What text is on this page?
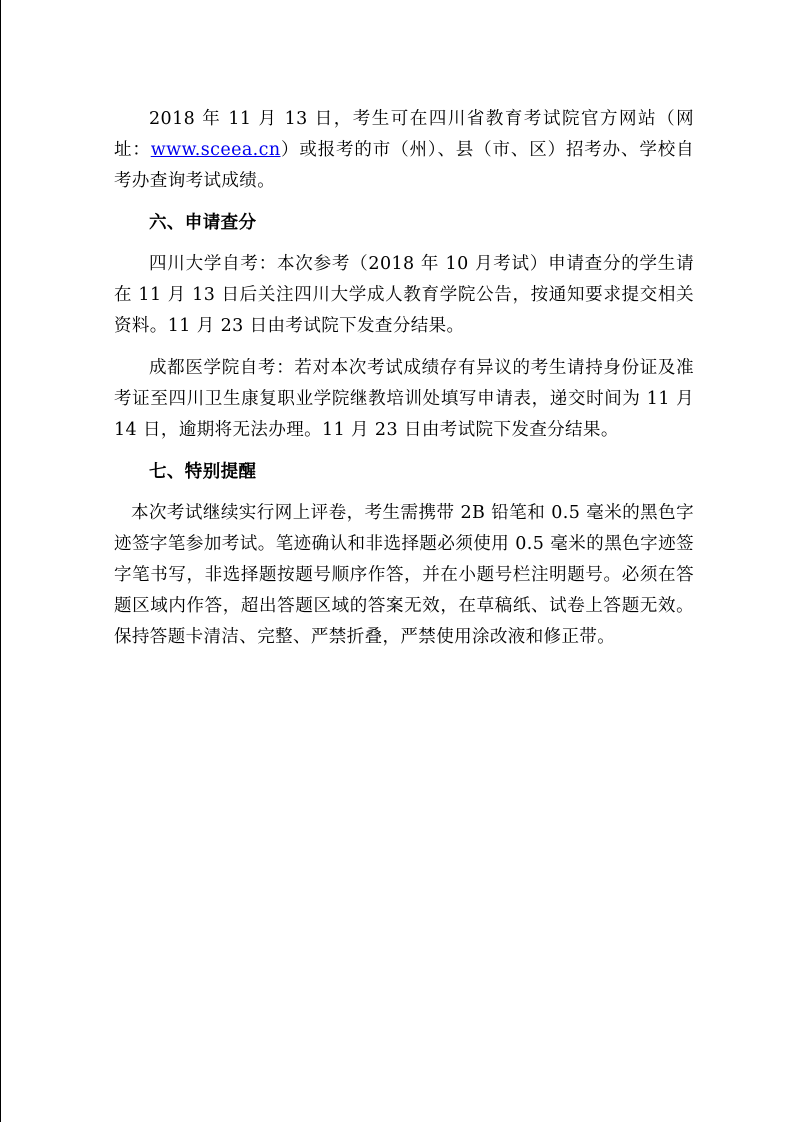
2018 年 11 月 13 日，考生可在四川省教育考试院官方网站（网址：www.sceea.cn）或报考的市（州）、县（市、区）招考办、学校自考办查询考试成绩。

六、申请查分

四川大学自考：本次参考（2018 年 10 月考试）申请查分的学生请在 11 月 13 日后关注四川大学成人教育学院公告，按通知要求提交相关资料。11 月 23 日由考试院下发查分结果。

成都医学院自考：若对本次考试成绩存有异议的考生请持身份证及准考证至四川卫生康复职业学院继教培训处填写申请表，递交时间为 11 月 14 日，逾期将无法办理。11 月 23 日由考试院下发查分结果。

七、特别提醒

本次考试继续实行网上评卷，考生需携带 2B 铅笔和 0.5 毫米的黑色字迹签字笔参加考试。笔迹确认和非选择题必须使用 0.5 毫米的黑色字迹签字笔书写，非选择题按题号顺序作答，并在小题号栏注明题号。必须在答题区域内作答，超出答题区域的答案无效，在草稿纸、试卷上答题无效。保持答题卡清洁、完整、严禁折叠，严禁使用涂改液和修正带。
